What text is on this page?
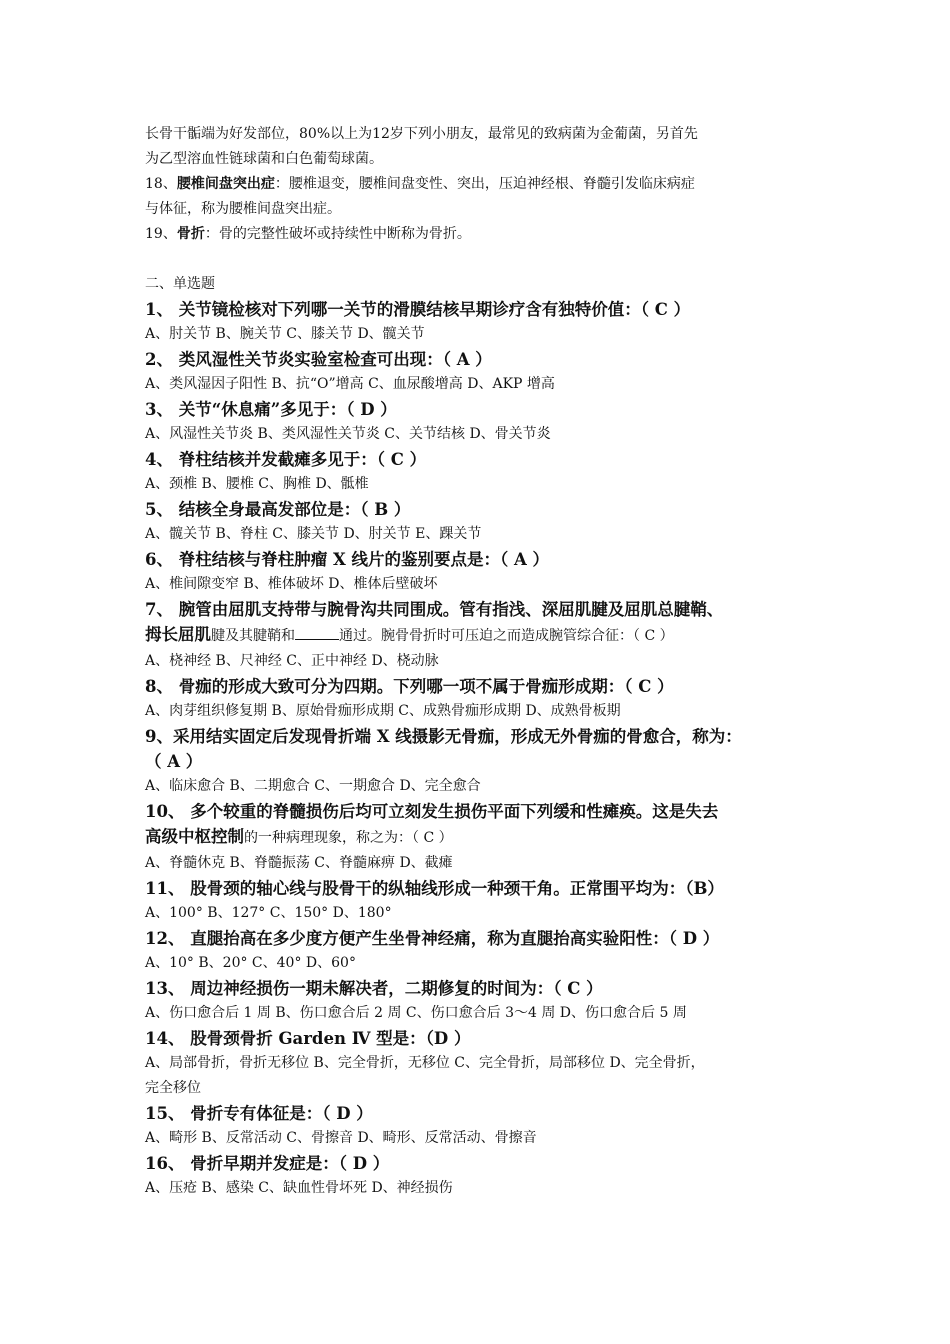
长骨干骺端为好发部位，80%以上为12岁下列小朋友，最常见的致病菌为金葡菌，另首先
为乙型溶血性链球菌和白色葡萄球菌。
18、腰椎间盘突出症：腰椎退变，腰椎间盘变性、突出，压迫神经根、脊髓引发临床病症
与体征，称为腰椎间盘突出症。
19、骨折：骨的完整性破坏或持续性中断称为骨折。
二、单选题
1、 关节镜检核对下列哪一关节的滑膜结核早期诊疗含有独特价值：（ C ）
A、肘关节 B、腕关节 C、膝关节 D、髋关节
2、 类风湿性关节炎实验室检查可出现：（ A ）
A、类风湿因子阳性 B、抗“O”增高 C、血尿酸增高 D、AKP 增高
3、 关节“休息痛”多见于：（ D ）
A、风湿性关节炎 B、类风湿性关节炎 C、关节结核 D、骨关节炎
4、 脊柱结核并发截瘫多见于：（ C ）
A、颈椎 B、腰椎 C、胸椎 D、骶椎
5、 结核全身最高发部位是：（ B ）
A、髋关节 B、脊柱 C、膝关节 D、肘关节 E、踝关节
6、 脊柱结核与脊柱肿瘤 X 线片的鉴别要点是：（ A ）
A、椎间隙变窄 B、椎体破坏 D、椎体后壁破坏
7、 腕管由屈肌支持带与腕骨沟共同围成。管有指浅、深屈肌腱及屈肌总腱鞘、
拇长屈肌腱及其腱鞘和	通过。腕骨骨折时可压迫之而造成腕管综合征：（ C ）
A、桡神经 B、尺神经 C、正中神经 D、桡动脉
8、 骨痂的形成大致可分为四期。下列哪一项不属于骨痂形成期：（ C ）
A、肉芽组织修复期 B、原始骨痂形成期 C、成熟骨痂形成期 D、成熟骨板期
9、采用结实固定后发现骨折端 X 线摄影无骨痂，形成无外骨痂的骨愈合，称为：
（ A ）
A、临床愈合 B、二期愈合 C、一期愈合 D、完全愈合
10、 多个较重的脊髓损伤后均可立刻发生损伤平面下列缓和性瘫痪。这是失去
高级中枢控制的一种病理现象，称之为：（ C ）
A、脊髓休克 B、脊髓振荡 C、脊髓麻痹 D、截瘫
11、 股骨颈的轴心线与股骨干的纵轴线形成一种颈干角。正常围平均为：（B）
A、100° B、127° C、150° D、180°
12、 直腿抬高在多少度方便产生坐骨神经痛，称为直腿抬高实验阳性：（ D ）
A、10° B、20° C、40° D、60°
13、 周边神经损伤一期未解决者，二期修复的时间为：（ C ）
A、伤口愈合后 1 周 B、伤口愈合后 2 周 C、伤口愈合后 3～4 周 D、伤口愈合后 5 周
14、 股骨颈骨折 Garden Ⅳ 型是：（D ）
A、局部骨折，骨折无移位 B、完全骨折，无移位 C、完全骨折，局部移位 D、完全骨折，
完全移位
15、 骨折专有体征是：（ D ）
A、畸形 B、反常活动 C、骨擦音 D、畸形、反常活动、骨擦音
16、 骨折早期并发症是：（ D ）
A、压疮 B、感染 C、缺血性骨坏死 D、神经损伤
